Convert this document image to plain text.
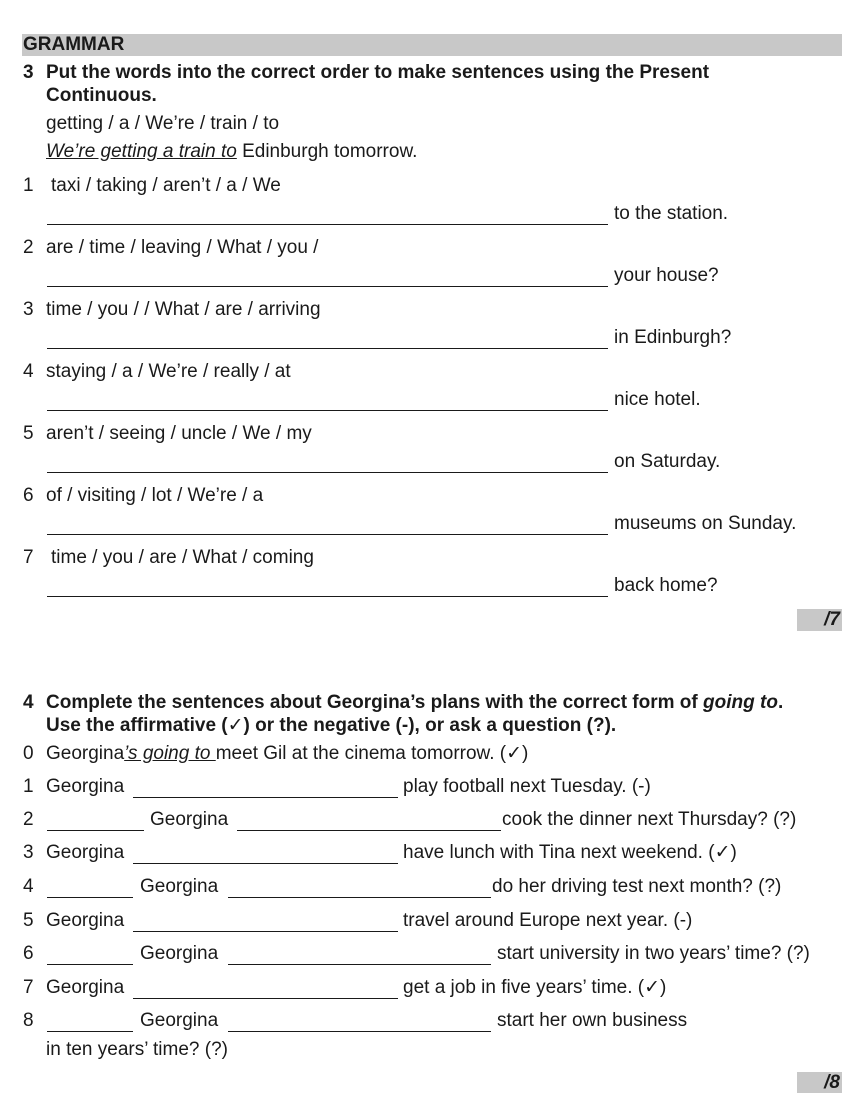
GRAMMAR
3 Put the words into the correct order to make sentences using the Present
Continuous.
getting / a / We’re / train / to
We’re getting a train to Edinburgh tomorrow.
1 taxi / taking / aren’t / a / We
to the station.
2 are / time / leaving / What / you /
your house?
3 time / you / / What / are / arriving
in Edinburgh?
4 staying / a / We’re / really / at
nice hotel.
5 aren’t / seeing / uncle / We / my
on Saturday.
6 of / visiting / lot / We’re / a
museums on Sunday.
7 time / you / are / What / coming
back home?
/7
4 Complete the sentences about Georgina’s plans with the correct form of going to.
Use the affirmative (✓) or the negative (-), or ask a question (?).
0 Georgina’s going to meet Gil at the cinema tomorrow. (✓)
1 Georgina	play football next Tuesday. (-)
2	Georgina	cook the dinner next Thursday? (?)
3 Georgina	have lunch with Tina next weekend. (✓)
4	Georgina	do her driving test next month? (?)
5 Georgina	travel around Europe next year. (-)
6	Georgina	start university in two years’ time? (?)
7 Georgina	get a job in five years’ time. (✓)
8	Georgina	start her own business
in ten years’ time? (?)
/8
